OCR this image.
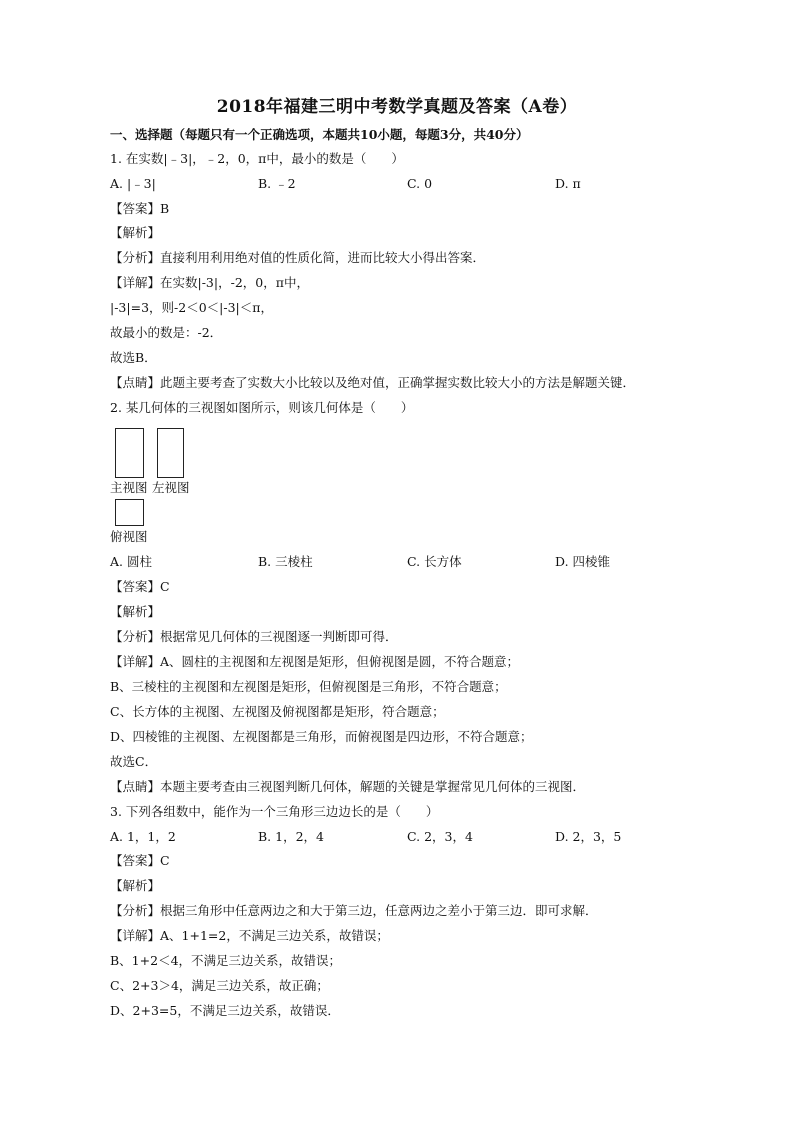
2018年福建三明中考数学真题及答案（A卷）
一、选择题（每题只有一个正确选项，本题共10小题，每题3分，共40分）
1. 在实数|﹣3|，﹣2，0，π中，最小的数是（　　）
A. |﹣3|	B. ﹣2	C. 0	D. π
【答案】B
【解析】
【分析】直接利用利用绝对值的性质化简，进而比较大小得出答案．
【详解】在实数|-3|，-2，0，π中，
|-3|=3，则-2＜0＜|-3|＜π，
故最小的数是：-2．
故选B．
【点睛】此题主要考查了实数大小比较以及绝对值，正确掌握实数比较大小的方法是解题关键．
2. 某几何体的三视图如图所示，则该几何体是（　　）
主视图 左视图
俯视图
A. 圆柱	B. 三棱柱	C. 长方体	D. 四棱锥
【答案】C
【解析】
【分析】根据常见几何体的三视图逐一判断即可得．
【详解】A、圆柱的主视图和左视图是矩形，但俯视图是圆，不符合题意；
B、三棱柱的主视图和左视图是矩形，但俯视图是三角形，不符合题意；
C、长方体的主视图、左视图及俯视图都是矩形，符合题意；
D、四棱锥的主视图、左视图都是三角形，而俯视图是四边形，不符合题意；
故选C．
【点睛】本题主要考查由三视图判断几何体，解题的关键是掌握常见几何体的三视图．
3. 下列各组数中，能作为一个三角形三边边长的是（　　）
A. 1，1，2	B. 1，2，4	C. 2，3，4	D. 2，3，5
【答案】C
【解析】
【分析】根据三角形中任意两边之和大于第三边，任意两边之差小于第三边．即可求解．
【详解】A、1+1=2，不满足三边关系，故错误；
B、1+2＜4，不满足三边关系，故错误；
C、2+3＞4，满足三边关系，故正确；
D、2+3=5，不满足三边关系，故错误．
